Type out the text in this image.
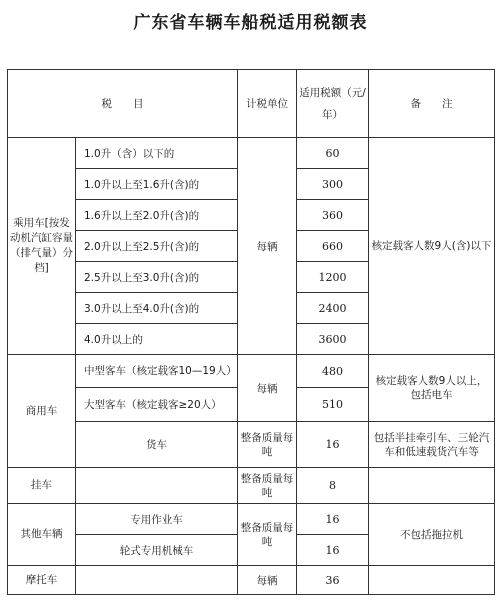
广东省车辆车船税适用税额表
税　　目		计税单位	适用税额（元/年）	备　　注
乘用车[按发动机汽缸容量（排气量）分档]	1.0升（含）以下的	每辆	60	核定载客人数9人(含)以下
	1.0升以上至1.6升(含)的		300	
	1.6升以上至2.0升(含)的		360	
	2.0升以上至2.5升(含)的		660	
	2.5升以上至3.0升(含)的		1200	
	3.0升以上至4.0升(含)的		2400	
	4.0升以上的		3600	
商用车	中型客车（核定载客10—19人）	每辆	480	核定载客人数9人以上，包括电车
	大型客车（核定载客≥20人）		510	
	货车	整备质量每吨	16	包括半挂牵引车、三轮汽车和低速载货汽车等
挂车		整备质量每吨	8	
其他车辆	专用作业车	整备质量每吨	16	不包括拖拉机
	轮式专用机械车		16	
摩托车		每辆	36	
